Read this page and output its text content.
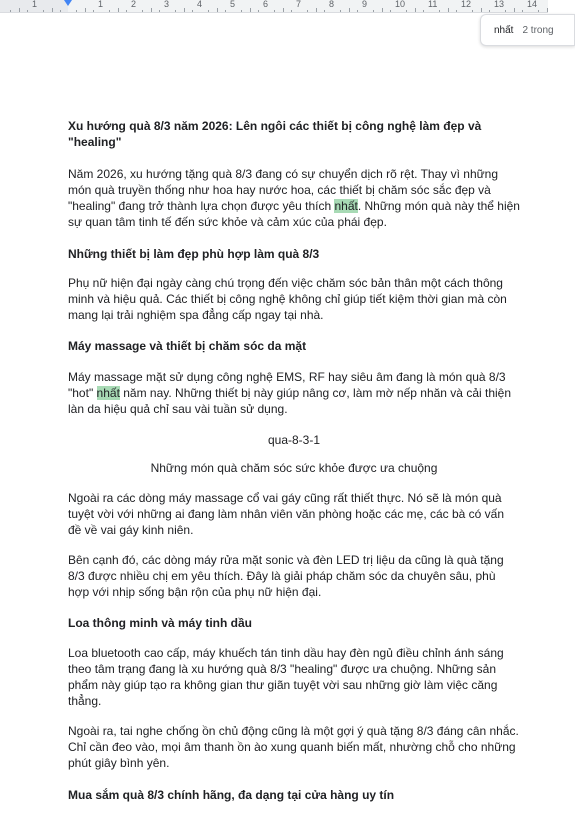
1	2	3	4	5	6	7	8	9	10	11	12	13	14
1
nhất 2 trong
Xu hướng quà 8/3 năm 2026: Lên ngôi các thiết bị công nghệ làm đẹp và "healing"

Năm 2026, xu hướng tặng quà 8/3 đang có sự chuyển dịch rõ rệt. Thay vì những món quà truyền thống như hoa hay nước hoa, các thiết bị chăm sóc sắc đẹp và "healing" đang trở thành lựa chọn được yêu thích nhất. Những món quà này thể hiện sự quan tâm tinh tế đến sức khỏe và cảm xúc của phái đẹp.

Những thiết bị làm đẹp phù hợp làm quà 8/3

Phụ nữ hiện đại ngày càng chú trọng đến việc chăm sóc bản thân một cách thông minh và hiệu quả. Các thiết bị công nghệ không chỉ giúp tiết kiệm thời gian mà còn mang lại trải nghiệm spa đẳng cấp ngay tại nhà.

Máy massage và thiết bị chăm sóc da mặt

Máy massage mặt sử dụng công nghệ EMS, RF hay siêu âm đang là món quà 8/3 "hot" nhất năm nay. Những thiết bị này giúp nâng cơ, làm mờ nếp nhăn và cải thiện làn da hiệu quả chỉ sau vài tuần sử dụng.

qua-8-3-1

Những món quà chăm sóc sức khỏe được ưa chuộng

Ngoài ra các dòng máy massage cổ vai gáy cũng rất thiết thực. Nó sẽ là món quà tuyệt vời với những ai đang làm nhân viên văn phòng hoặc các mẹ, các bà có vấn đề về vai gáy kinh niên.

Bên cạnh đó, các dòng máy rửa mặt sonic và đèn LED trị liệu da cũng là quà tặng 8/3 được nhiều chị em yêu thích. Đây là giải pháp chăm sóc da chuyên sâu, phù hợp với nhịp sống bận rộn của phụ nữ hiện đại.

Loa thông minh và máy tinh dầu

Loa bluetooth cao cấp, máy khuếch tán tinh dầu hay đèn ngủ điều chỉnh ánh sáng theo tâm trạng đang là xu hướng quà 8/3 "healing" được ưa chuộng. Những sản phẩm này giúp tạo ra không gian thư giãn tuyệt vời sau những giờ làm việc căng thẳng.

Ngoài ra, tai nghe chống ồn chủ động cũng là một gợi ý quà tặng 8/3 đáng cân nhắc. Chỉ cần đeo vào, mọi âm thanh ồn ào xung quanh biến mất, nhường chỗ cho những phút giây bình yên.

Mua sắm quà 8/3 chính hãng, đa dạng tại cửa hàng uy tín
